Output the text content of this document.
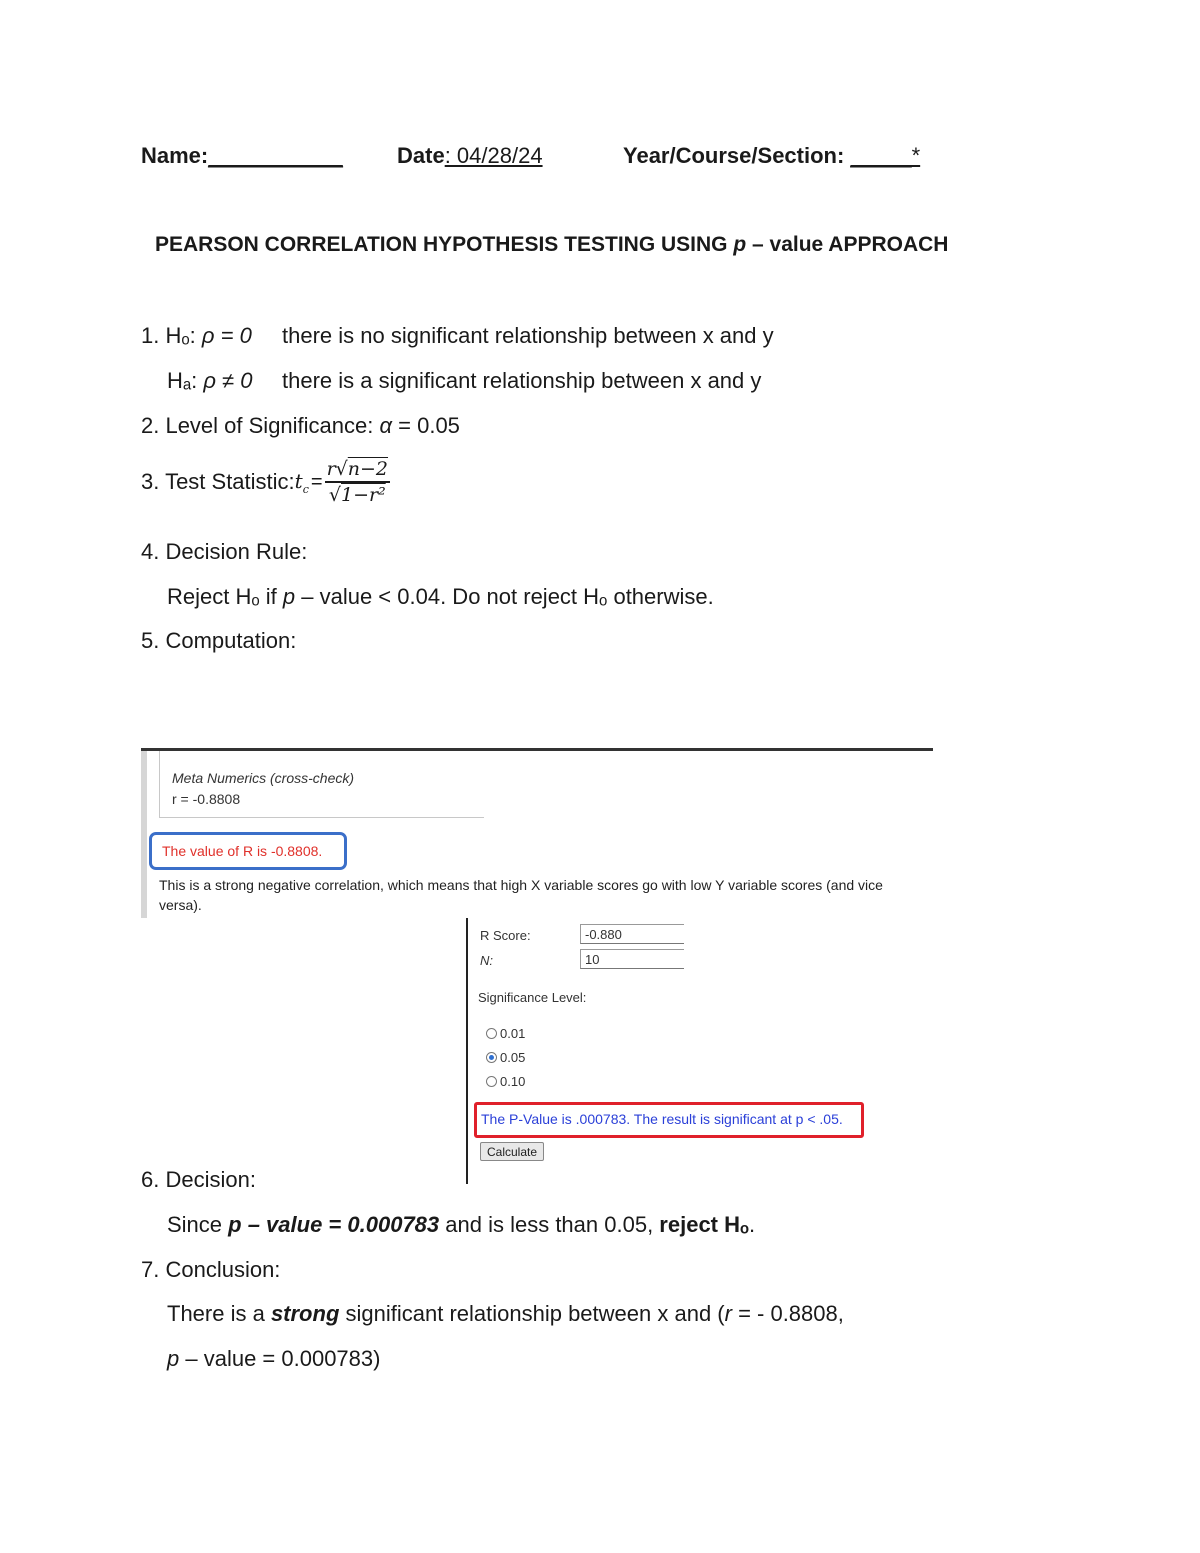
Name:___________ Date: 04/28/24	Year/Course/Section: _____*
PEARSON CORRELATION HYPOTHESIS TESTING USING p – value APPROACH
1. Hₒ: ρ = 0 there is no significant relationship between x and y
Hₐ: ρ ≠ 0 there is a significant relationship between x and y
2. Level of Significance: α = 0.05
3. Test Statistic: $t_c = \frac{r√n-2}{\text{√1−r²}}$
4. Decision Rule:
Reject Hₒ if p – value < 0.04. Do not reject Hₒ otherwise.
5. Computation:
Meta Numerics (cross-check)
r = -0.8808
The value of R is -0.8808.
This is a strong negative correlation, which means that high X variable scores go with low Y variable scores (and vice versa).
R Score:	-0.880
N:	10
Significance Level:
0.01
0.05
0.10
The P-Value is .000783. The result is significant at p < .05.
Calculate
6. Decision:
Since p – value = 0.000783 and is less than 0.05, reject Hₒ.
7. Conclusion:
There is a strong significant relationship between x and (r = - 0.8808,
p – value = 0.000783)
